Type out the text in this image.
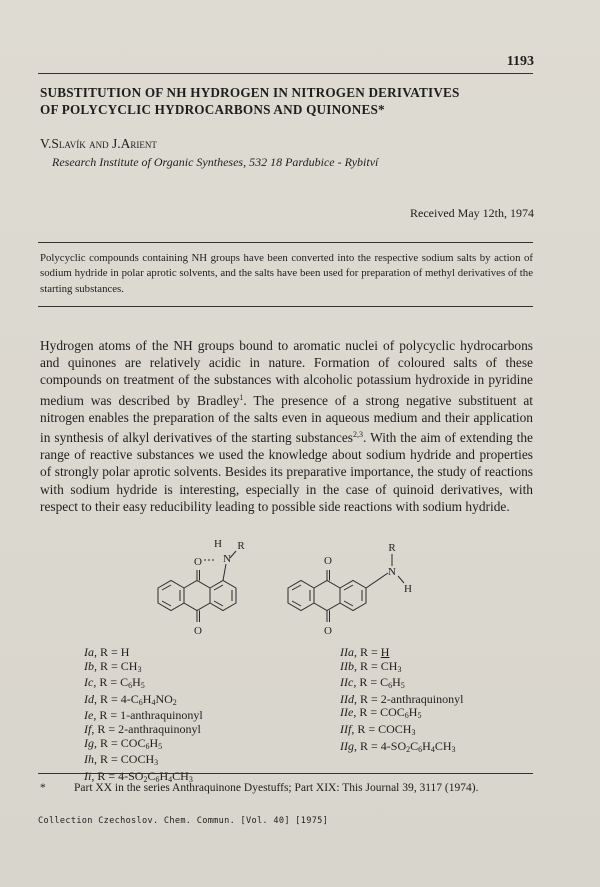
1193
SUBSTITUTION OF NH HYDROGEN IN NITROGEN DERIVATIVES
OF POLYCYCLIC HYDROCARBONS AND QUINONES*
V.Slavík and J.Arient
Research Institute of Organic Syntheses, 532 18 Pardubice - Rybitví
Received May 12th, 1974
Polycyclic compounds containing NH groups have been converted into the respective sodium salts by action of sodium hydride in polar aprotic solvents, and the salts have been used for preparation of methyl derivatives of the starting substances.
Hydrogen atoms of the NH groups bound to aromatic nuclei of polycyclic hydrocarbons and quinones are relatively acidic in nature. Formation of coloured salts of these compounds on treatment of the substances with alcoholic potassium hydroxide in pyridine medium was described by Bradley$^1$. The presence of a strong negative substituent at nitrogen enables the preparation of the salts even in aqueous medium and their application in synthesis of alkyl derivatives of the starting substances$^{2,3}$. With the aim of extending the range of reactive substances we used the knowledge about sodium hydride and properties of strongly polar aprotic solvents. Besides its preparative importance, the study of reactions with sodium hydride is interesting, especially in the case of quinoid derivatives, with respect to their easy reducibility leading to possible side reactions with sodium hydride.
O
H
N
R
O
O
R
N
H
O
Ia, R = H
Ib, $R = CH_3$
Ic, $R = C_6H_5$
Id, $R = 4-C_6H_4NO_2$
Ie, R = 1-anthraquinonyl
If, R = 2-anthraquinonyl
Ig, $R = COC_6H_5$
Ih, $R = COCH_3$
Ii, $R = 4-SO_2C_6H_4CH_3$
IIa, R = H
IIb, $R = CH_3$
IIc, $R = C_6H_5$
IId, R = 2-anthraquinonyl
IIe, $R = COC_6H_5$
IIf, $R = COCH_3$
IIg, $R = 4-SO_2C_6H_4CH_3$
* Part XX in the series Anthraquinone Dyestuffs; Part XIX: This Journal 39, 3117 (1974).
Collection Czechoslov. Chem. Commun. [Vol. 40] [1975]
